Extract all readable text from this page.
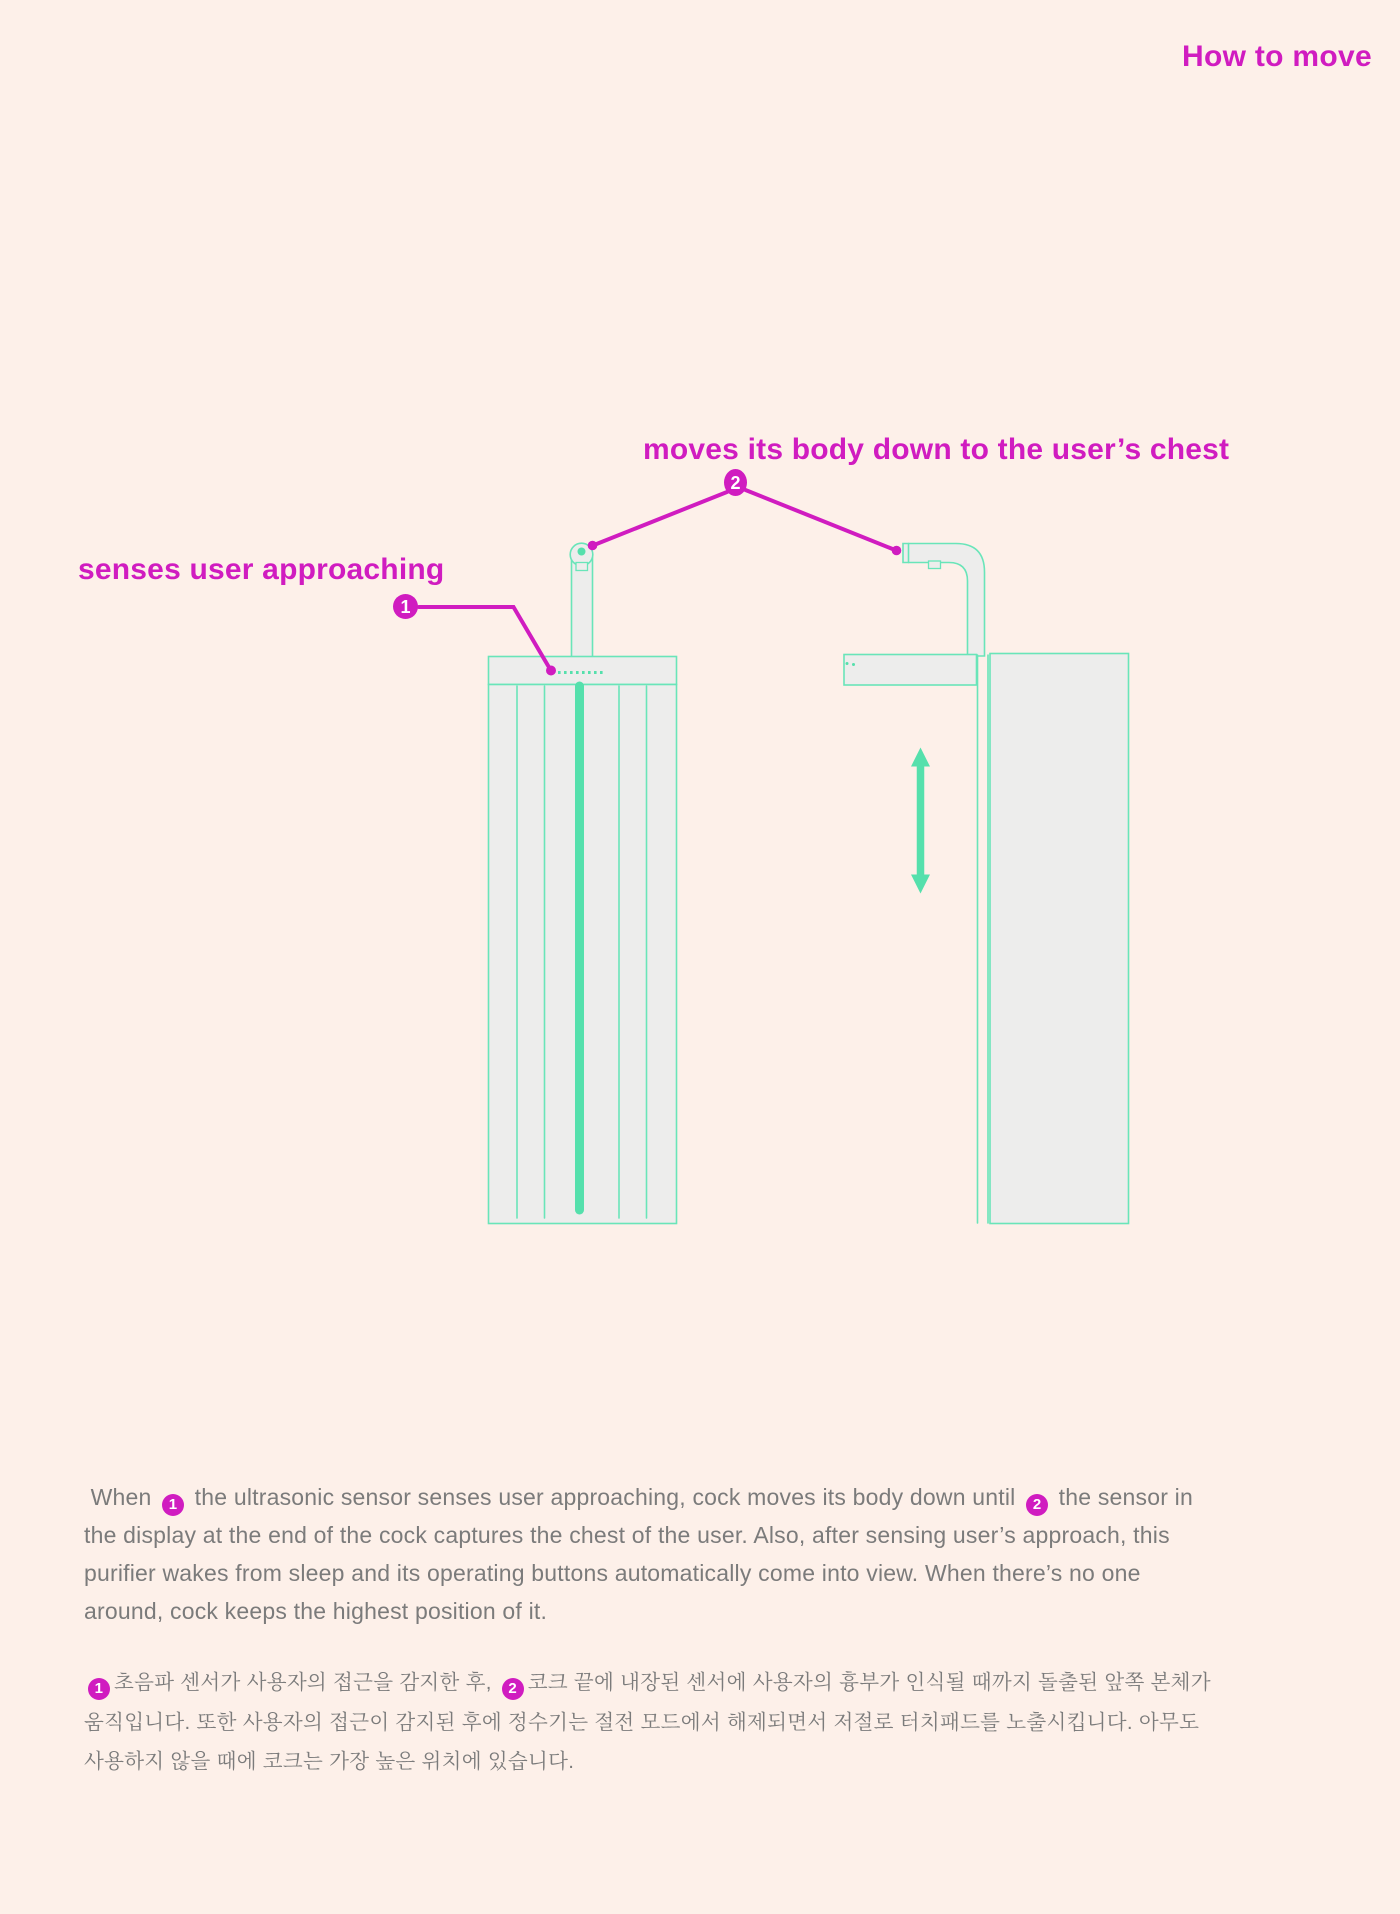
How to move
moves its body down to the user’s chest
2
senses user approaching
1

When 1 the ultrasonic sensor senses user approaching, cock moves its body down until 2 the sensor in
the display at the end of the cock captures the chest of the user. Also, after sensing user’s approach, this
purifier wakes from sleep and its operating buttons automatically come into view. When there’s no one
around, cock keeps the highest position of it.

1 초음파 센서가 사용자의 접근을 감지한 후, 2 코크 끝에 내장된 센서에 사용자의 흉부가 인식될 때까지 돌출된 앞쪽 본체가
움직입니다. 또한 사용자의 접근이 감지된 후에 정수기는 절전 모드에서 해제되면서 저절로 터치패드를 노출시킵니다. 아무도
사용하지 않을 때에 코크는 가장 높은 위치에 있습니다.
